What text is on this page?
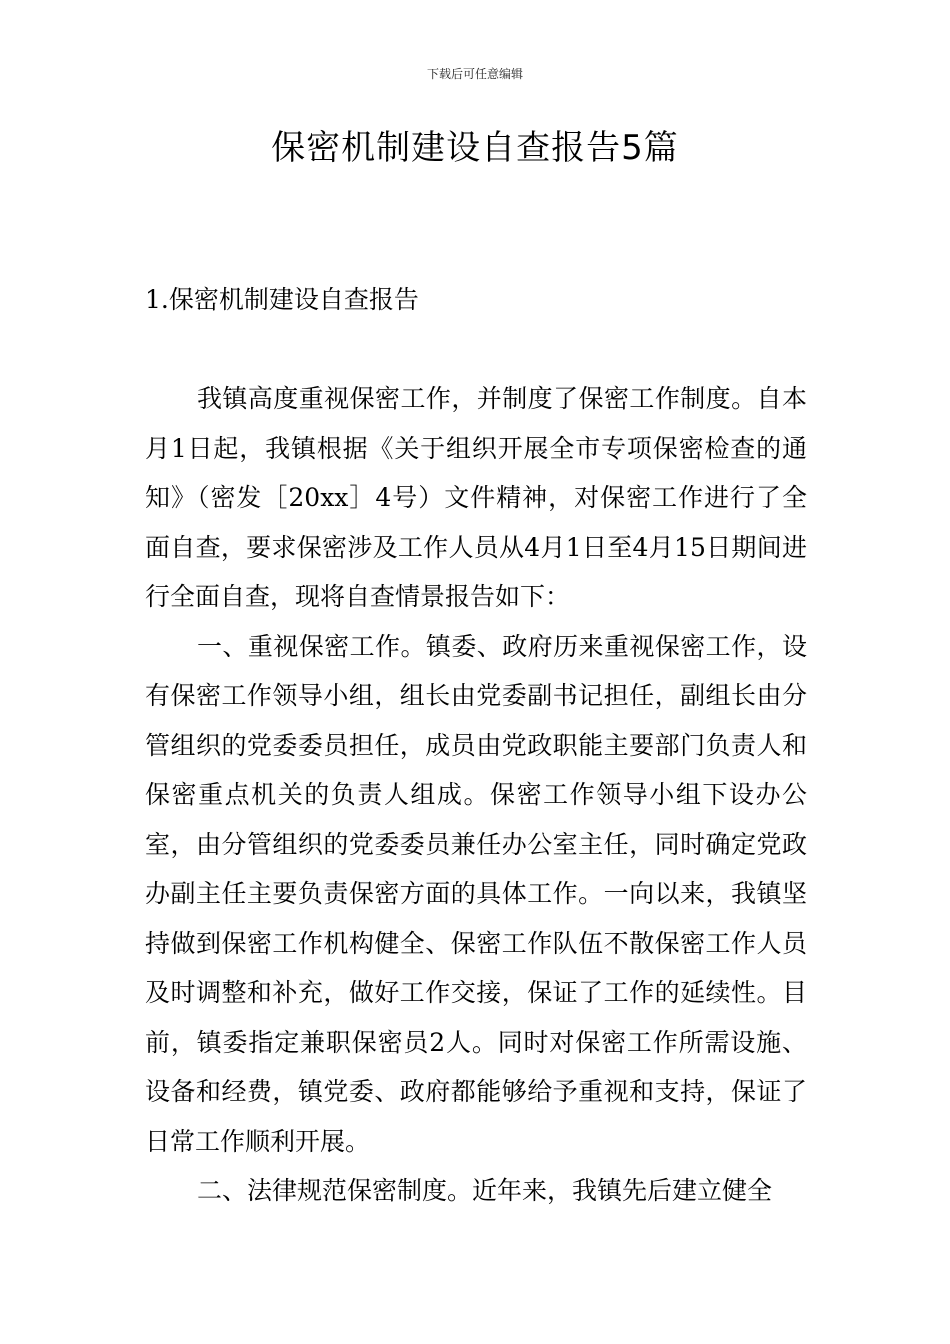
下载后可任意编辑
保密机制建设自查报告5篇
1.保密机制建设自查报告

我镇高度重视保密工作，并制度了保密工作制度。自本月1日起，我镇根据《关于组织开展全市专项保密检查的通知》（密发［20xx］4号）文件精神，对保密工作进行了全面自查，要求保密涉及工作人员从4月1日至4月15日期间进行全面自查，现将自查情景报告如下：

一、重视保密工作。镇委、政府历来重视保密工作，设有保密工作领导小组，组长由党委副书记担任，副组长由分管组织的党委委员担任，成员由党政职能主要部门负责人和保密重点机关的负责人组成。保密工作领导小组下设办公室，由分管组织的党委委员兼任办公室主任，同时确定党政办副主任主要负责保密方面的具体工作。一向以来，我镇坚持做到保密工作机构健全、保密工作队伍不散保密工作人员及时调整和补充，做好工作交接，保证了工作的延续性。目前，镇委指定兼职保密员2人。同时对保密工作所需设施、设备和经费，镇党委、政府都能够给予重视和支持，保证了日常工作顺利开展。

二、法律规范保密制度。近年来，我镇先后建立健全
